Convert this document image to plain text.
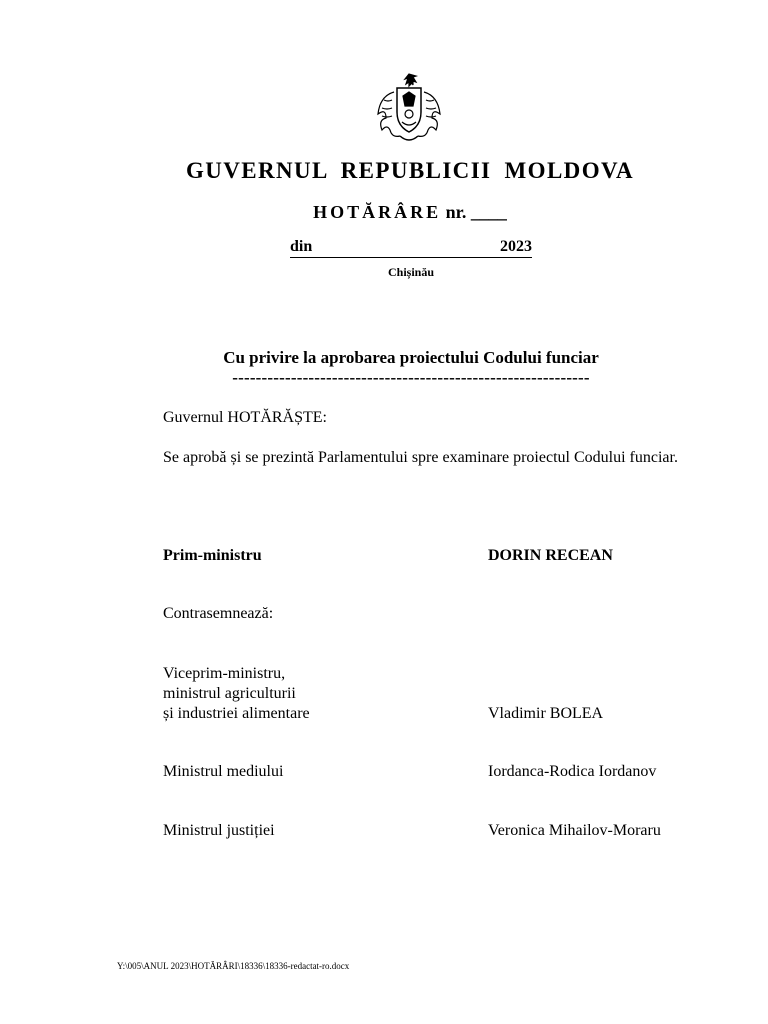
GUVERNUL REPUBLICII MOLDOVA
HOTĂRÂRE nr. ____
din	2023
Chișinău
Cu privire la aprobarea proiectului Codului funciar
-------------------------------------------------------------
Guvernul HOTĂRĂȘTE:
Se aprobă și se prezintă Parlamentului spre examinare proiectul Codului funciar.
Prim-ministru	DORIN RECEAN
Contrasemnează:
Viceprim-ministru,
ministrul agriculturii
și industriei alimentare	Vladimir BOLEA
Ministrul mediului	Iordanca-Rodica Iordanov
Ministrul justiției	Veronica Mihailov-Moraru
Y:\005\ANUL 2023\HOTĂRÂRI\18336\18336-redactat-ro.docx
